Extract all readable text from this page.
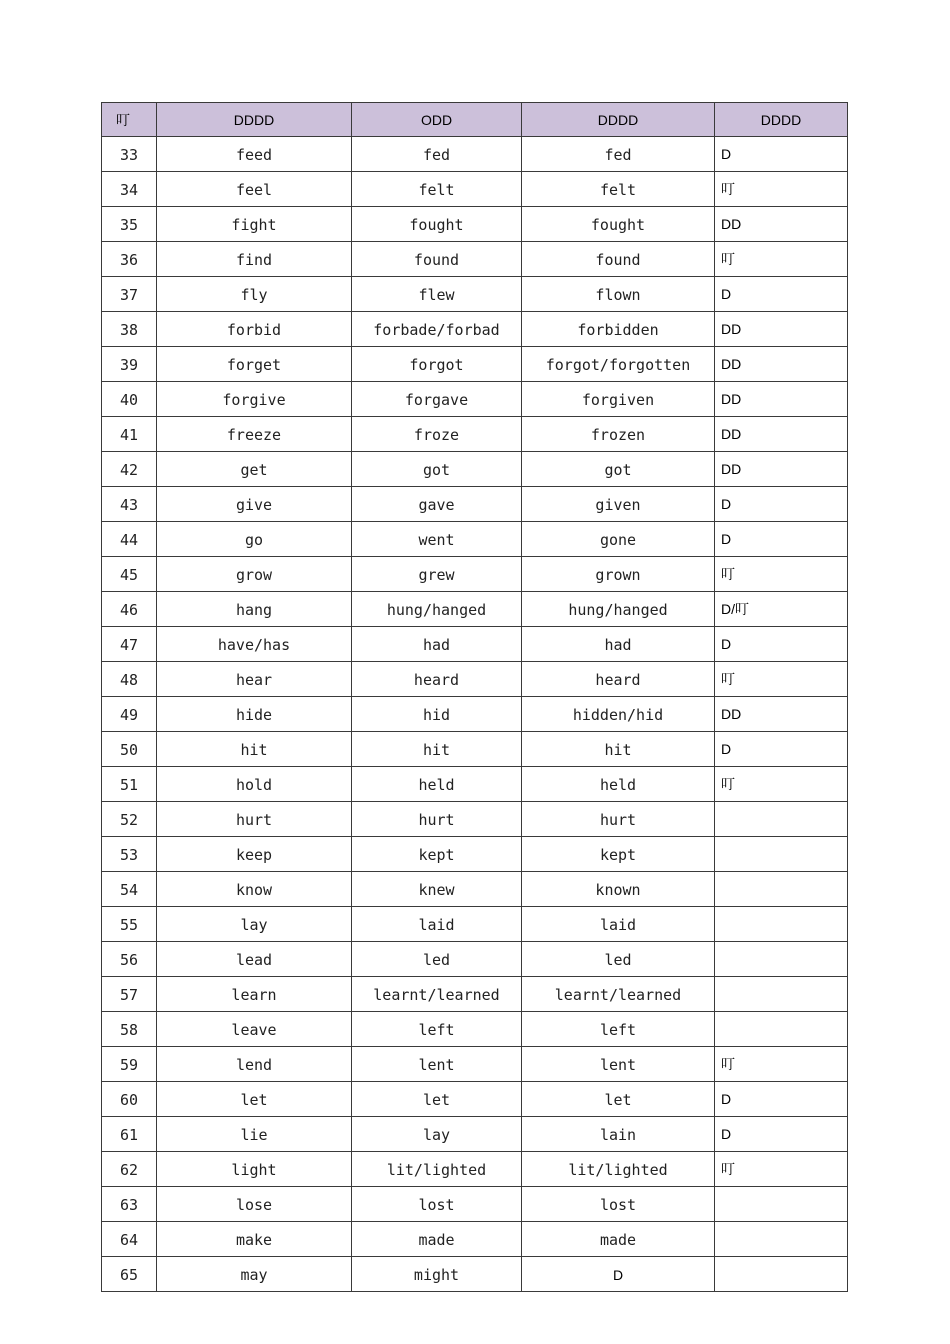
叮	DDDD	ODD	DDDD	DDDD
33	feed	fed	fed	D
34	feel	felt	felt	叮
35	fight	fought	fought	DD
36	find	found	found	叮
37	fly	flew	flown	D
38	forbid	forbade/forbad	forbidden	DD
39	forget	forgot	forgot/forgotten	DD
40	forgive	forgave	forgiven	DD
41	freeze	froze	frozen	DD
42	get	got	got	DD
43	give	gave	given	D
44	go	went	gone	D
45	grow	grew	grown	叮
46	hang	hung/hanged	hung/hanged	D/叮
47	have/has	had	had	D
48	hear	heard	heard	叮
49	hide	hid	hidden/hid	DD
50	hit	hit	hit	D
51	hold	held	held	叮
52	hurt	hurt	hurt	
53	keep	kept	kept	
54	know	knew	known	
55	lay	laid	laid	
56	lead	led	led	
57	learn	learnt/learned	learnt/learned	
58	leave	left	left	
59	lend	lent	lent	叮
60	let	let	let	D
61	lie	lay	lain	D
62	light	lit/lighted	lit/lighted	叮
63	lose	lost	lost	
64	make	made	made	
65	may	might	D	
